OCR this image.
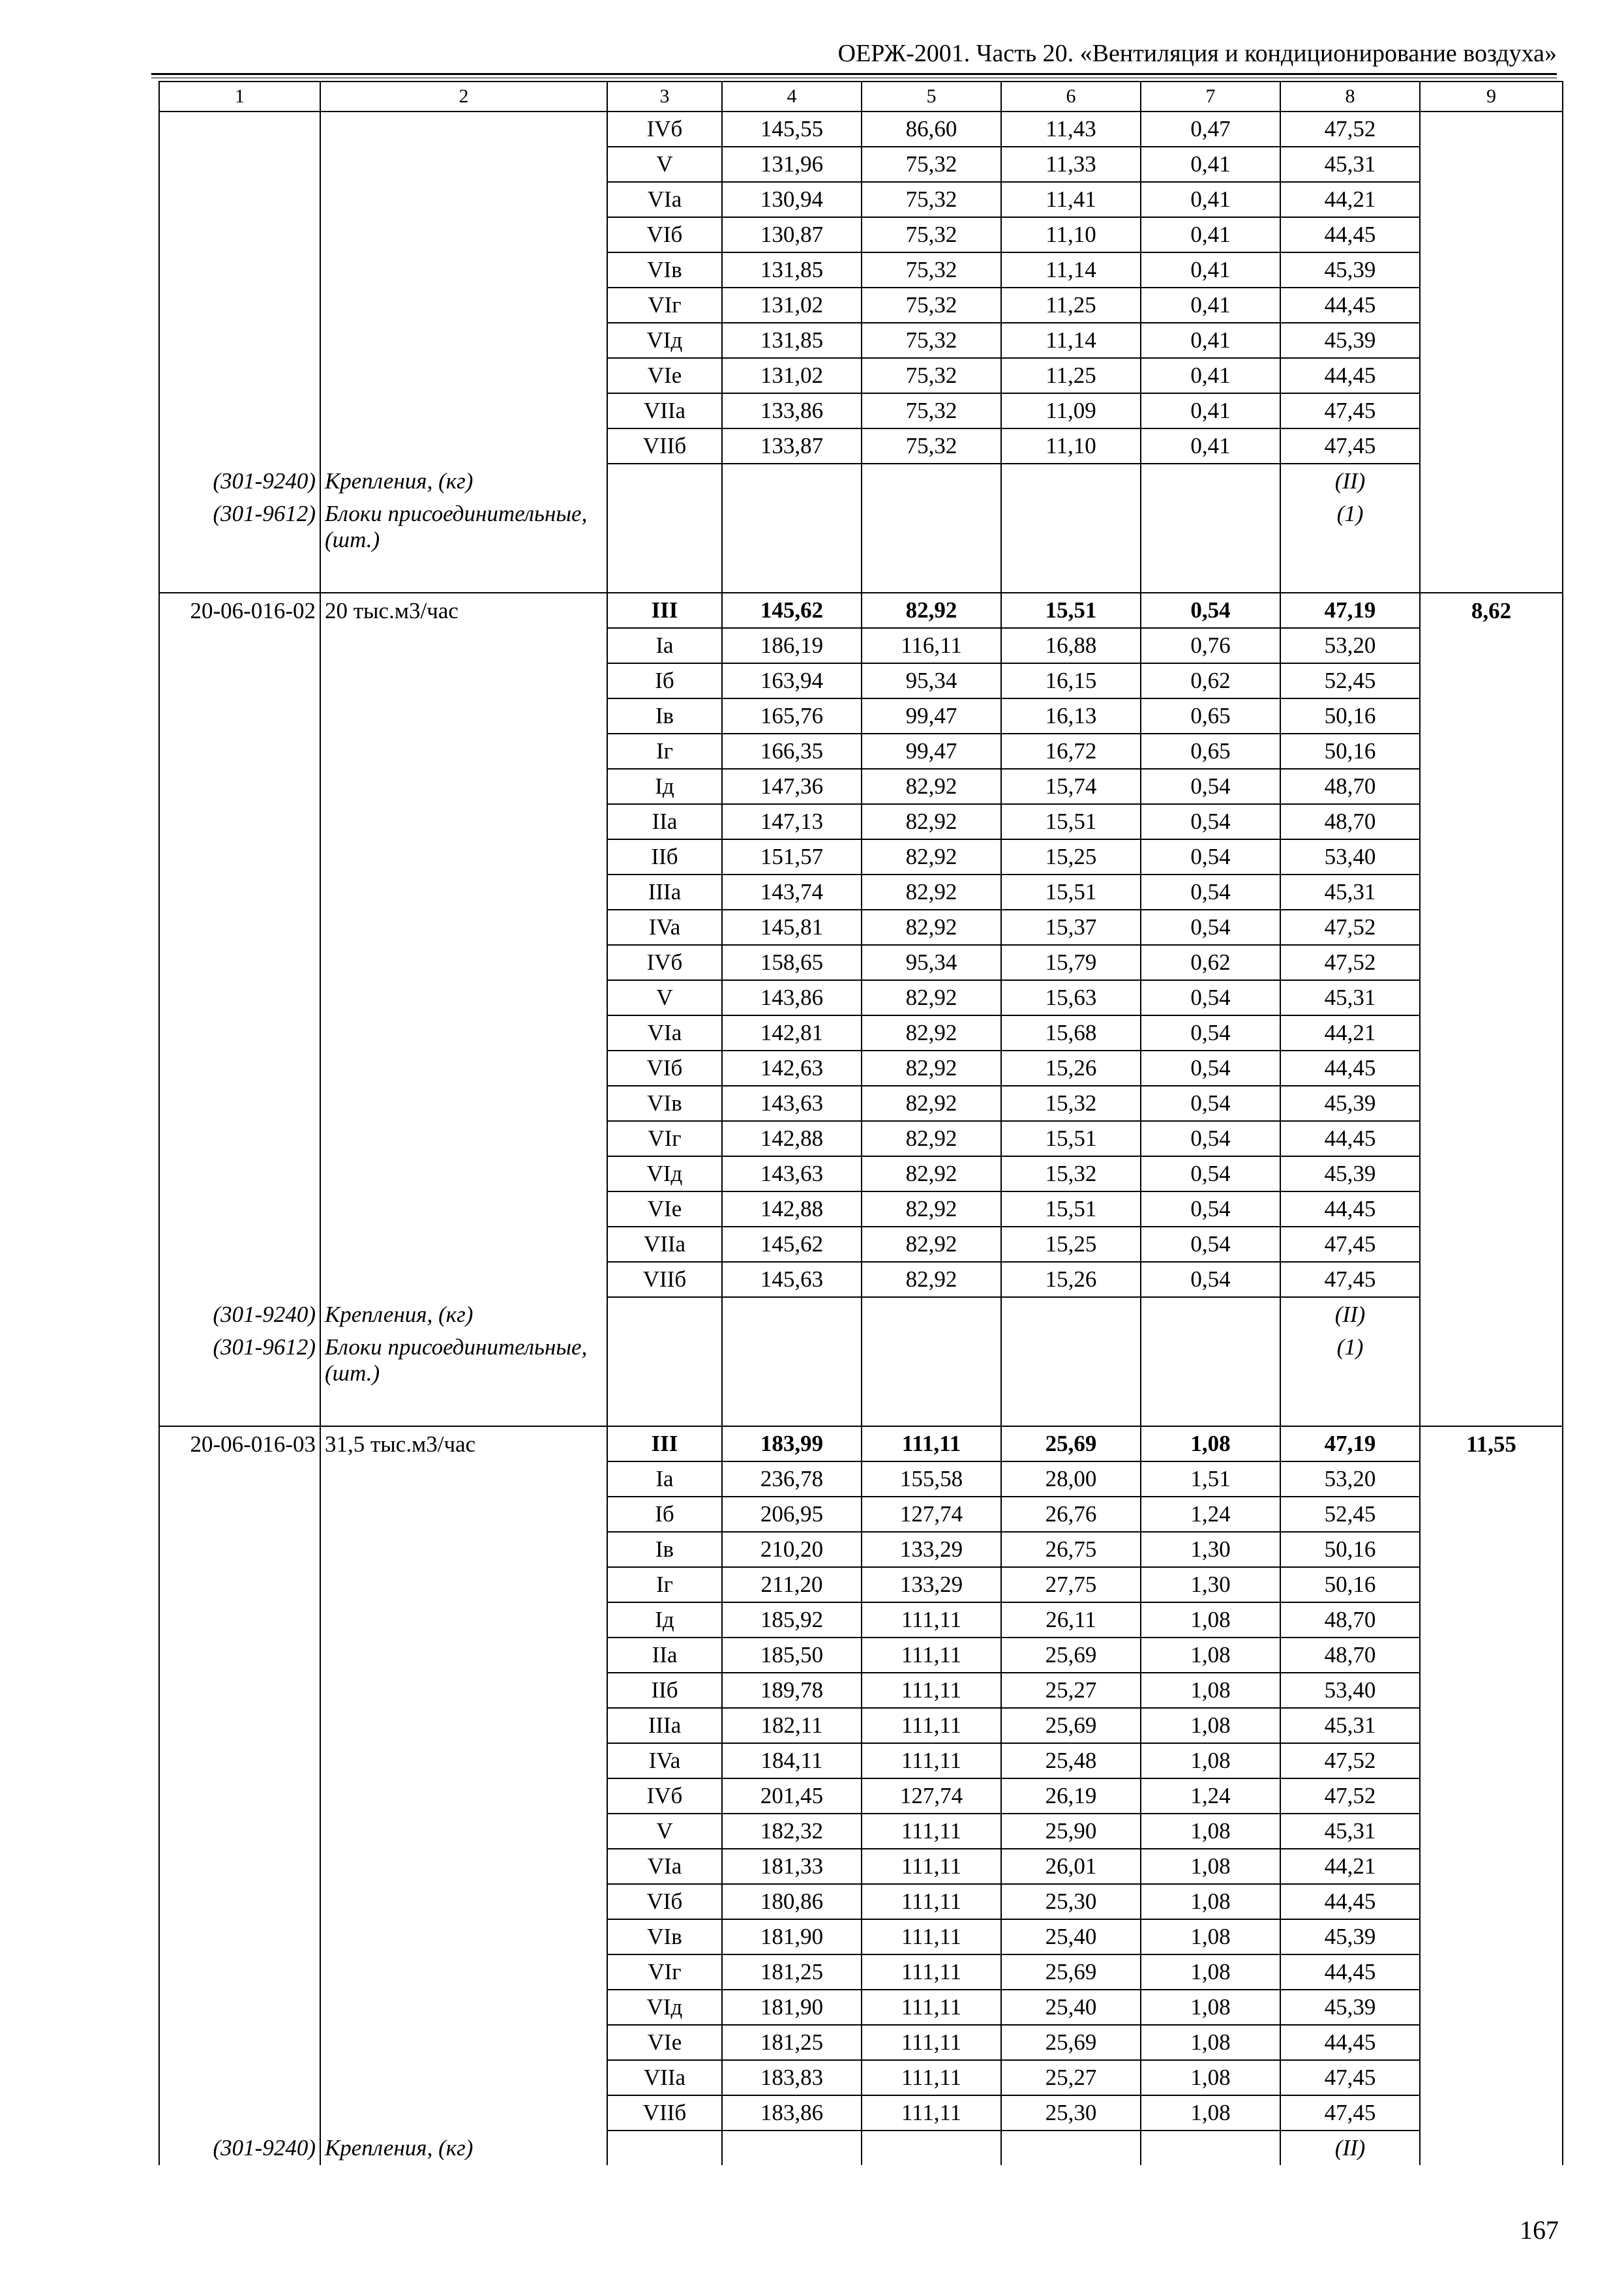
ОЕРЖ-2001. Часть 20. «Вентиляция и кондиционирование воздуха»
1	2	3	4	5	6	7	8	9
		IVб	145,55	86,60	11,43	0,47	47,52	
		V	131,96	75,32	11,33	0,41	45,31	
		VIa	130,94	75,32	11,41	0,41	44,21	
		VIб	130,87	75,32	11,10	0,41	44,45	
		VIв	131,85	75,32	11,14	0,41	45,39	
		VIг	131,02	75,32	11,25	0,41	44,45	
		VIд	131,85	75,32	11,14	0,41	45,39	
		VIe	131,02	75,32	11,25	0,41	44,45	
		VIIa	133,86	75,32	11,09	0,41	47,45	
		VIIб	133,87	75,32	11,10	0,41	47,45	
(301-9240)	Крепления, (кг)						(II)	
(301-9612)	Блоки присоединительные, (шт.)						(1)	
20-06-016-02	20 тыс.м3/час	III	145,62	82,92	15,51	0,54	47,19	8,62
		Ia	186,19	116,11	16,88	0,76	53,20	
		Iб	163,94	95,34	16,15	0,62	52,45	
		Iв	165,76	99,47	16,13	0,65	50,16	
		Iг	166,35	99,47	16,72	0,65	50,16	
		Iд	147,36	82,92	15,74	0,54	48,70	
		IIa	147,13	82,92	15,51	0,54	48,70	
		IIб	151,57	82,92	15,25	0,54	53,40	
		IIIa	143,74	82,92	15,51	0,54	45,31	
		IVa	145,81	82,92	15,37	0,54	47,52	
		IVб	158,65	95,34	15,79	0,62	47,52	
		V	143,86	82,92	15,63	0,54	45,31	
		VIa	142,81	82,92	15,68	0,54	44,21	
		VIб	142,63	82,92	15,26	0,54	44,45	
		VIв	143,63	82,92	15,32	0,54	45,39	
		VIг	142,88	82,92	15,51	0,54	44,45	
		VIд	143,63	82,92	15,32	0,54	45,39	
		VIe	142,88	82,92	15,51	0,54	44,45	
		VIIa	145,62	82,92	15,25	0,54	47,45	
		VIIб	145,63	82,92	15,26	0,54	47,45	
(301-9240)	Крепления, (кг)						(II)	
(301-9612)	Блоки присоединительные, (шт.)						(1)	
20-06-016-03	31,5 тыс.м3/час	III	183,99	111,11	25,69	1,08	47,19	11,55
		Ia	236,78	155,58	28,00	1,51	53,20	
		Iб	206,95	127,74	26,76	1,24	52,45	
		Iв	210,20	133,29	26,75	1,30	50,16	
		Iг	211,20	133,29	27,75	1,30	50,16	
		Iд	185,92	111,11	26,11	1,08	48,70	
		IIa	185,50	111,11	25,69	1,08	48,70	
		IIб	189,78	111,11	25,27	1,08	53,40	
		IIIa	182,11	111,11	25,69	1,08	45,31	
		IVa	184,11	111,11	25,48	1,08	47,52	
		IVб	201,45	127,74	26,19	1,24	47,52	
		V	182,32	111,11	25,90	1,08	45,31	
		VIa	181,33	111,11	26,01	1,08	44,21	
		VIб	180,86	111,11	25,30	1,08	44,45	
		VIв	181,90	111,11	25,40	1,08	45,39	
		VIг	181,25	111,11	25,69	1,08	44,45	
		VIд	181,90	111,11	25,40	1,08	45,39	
		VIe	181,25	111,11	25,69	1,08	44,45	
		VIIa	183,83	111,11	25,27	1,08	47,45	
		VIIб	183,86	111,11	25,30	1,08	47,45	
(301-9240)	Крепления, (кг)						(II)	
167
